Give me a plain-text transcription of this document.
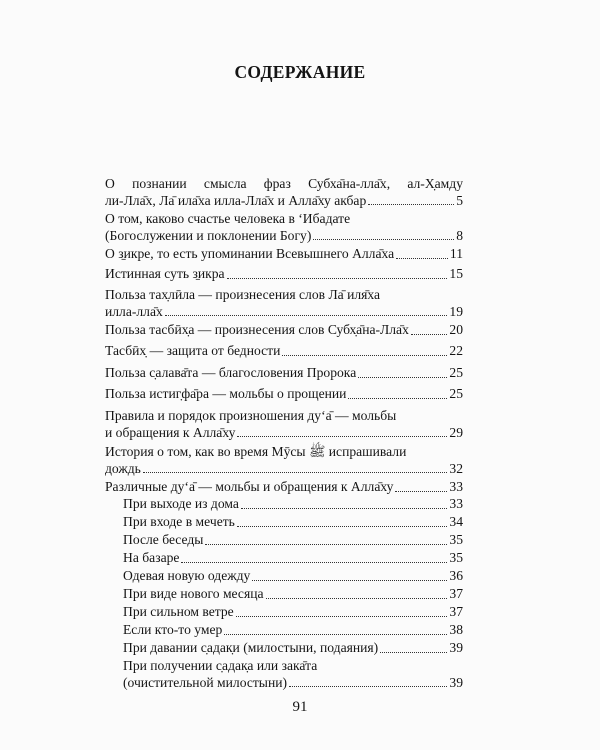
СОДЕРЖАНИЕ
О познании смысла фраз Субха̄на-лла̄х, ал-Х̣амду
ли-Лла̄х, Ла̄ ила̄ха илла-Лла̄х и Алла̄ху акбар	5
О том, каково счастье человека в ‘Ибадате
(Богослужении и поклонении Богу)	8
О з̱икре, то есть упоминании Всевышнего Алла̄ха	11
Истинная суть з̱икра	15
Польза тах̣лӣла — произнесения слов Ла̄ иля̄ха
илла-лла̄х	19
Польза тасбӣх̣а — произнесения слов Субх̣а̄на-Лла̄х	20
Тасбӣх̣ — защита от бедности	22
Польза с̣алава̄та — благословения Пророка	25
Польза истиг̣фа̄ра — мольбы о прощении	25
Правила и порядок произношения ду‘а̄ — мольбы
и обращения к Алла̄ху	29
История о том, как во время Мӯсы ﷺ испрашивали
дождь	32
Различные ду‘а̄ — мольбы и обращения к Алла̄ху	33
При выходе из дома	33
При входе в мечеть	34
После беседы	35
На базаре	35
Одевая новую одежду	36
При виде нового месяца	37
При сильном ветре	37
Если кто-то умер	38
При давании с̣адак̣и (милостыни, подаяния)	39
При получении с̣адак̣а или зака̄та
(очистительной милостыни)	39
91
